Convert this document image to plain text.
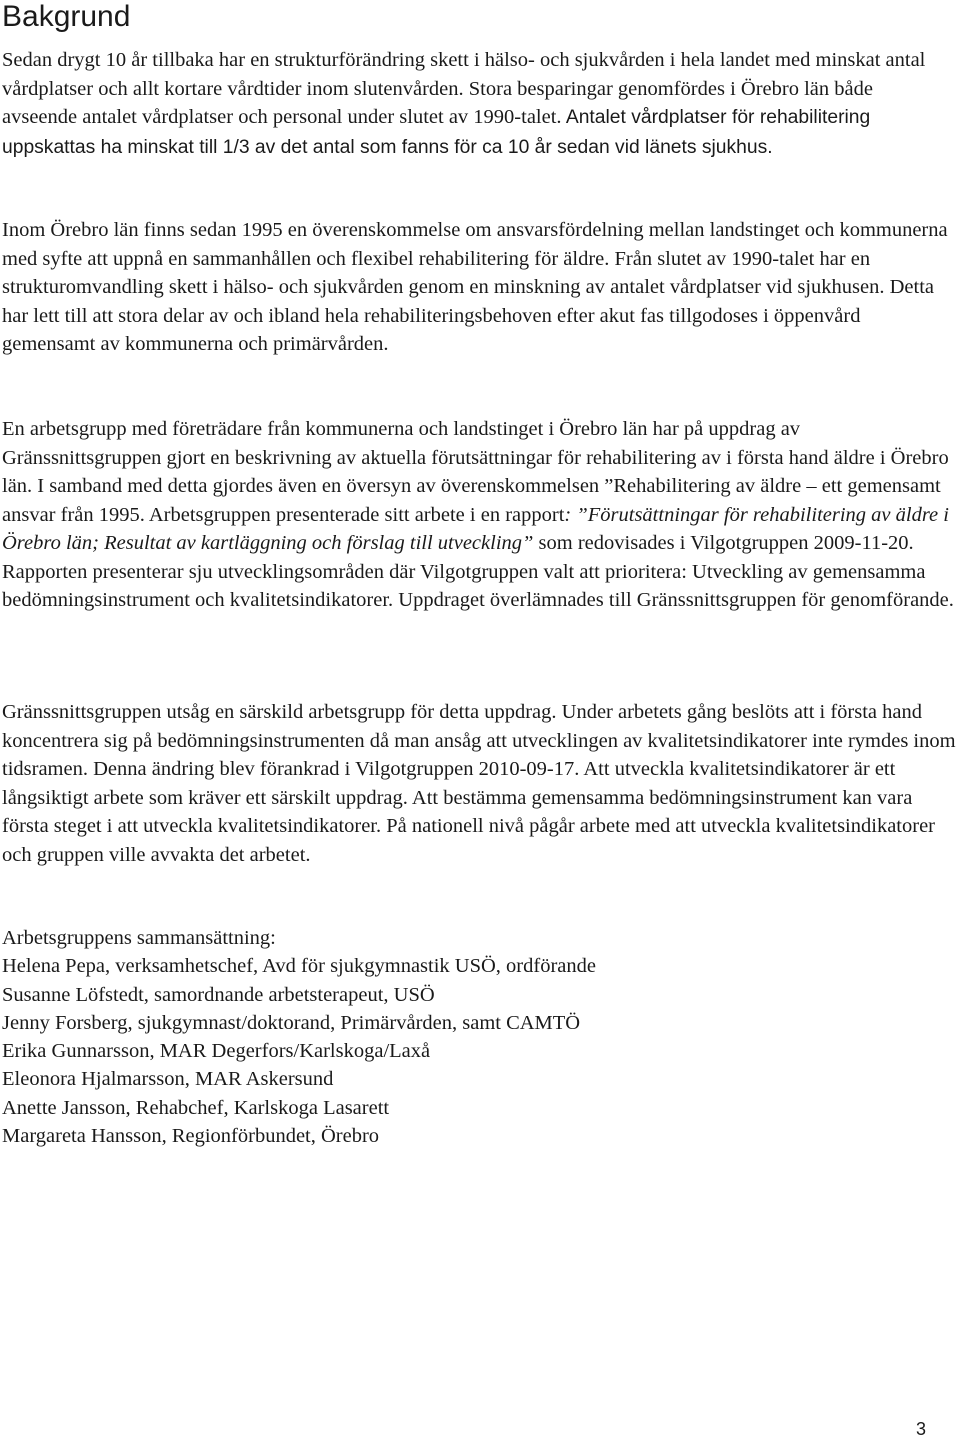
Bakgrund

Sedan drygt 10 år tillbaka har en strukturförändring skett i hälso- och sjukvården i hela landet med minskat antal vårdplatser och allt kortare vårdtider inom slutenvården. Stora besparingar genomfördes i Örebro län både avseende antalet vårdplatser och personal under slutet av 1990-talet. Antalet vårdplatser för rehabilitering uppskattas ha minskat till 1/3 av det antal som fanns för ca 10 år sedan vid länets sjukhus.

Inom Örebro län finns sedan 1995 en överenskommelse om ansvarsfördelning mellan landstinget och kommunerna med syfte att uppnå en sammanhållen och flexibel rehabilitering för äldre. Från slutet av 1990-talet har en strukturomvandling skett i hälso- och sjukvården genom en minskning av antalet vårdplatser vid sjukhusen. Detta har lett till att stora delar av och ibland hela rehabiliteringsbehoven efter akut fas tillgodoses i öppenvård gemensamt av kommunerna och primärvården.

En arbetsgrupp med företrädare från kommunerna och landstinget i Örebro län har på uppdrag av Gränssnittsgruppen gjort en beskrivning av aktuella förutsättningar för rehabilitering av i första hand äldre i Örebro län. I samband med detta gjordes även en översyn av överenskommelsen ”Rehabilitering av äldre – ett gemensamt ansvar från 1995. Arbetsgruppen presenterade sitt arbete i en rapport: ”Förutsättningar för rehabilitering av äldre i Örebro län; Resultat av kartläggning och förslag till utveckling” som redovisades i Vilgotgruppen 2009-11-20. Rapporten presenterar sju utvecklingsområden där Vilgotgruppen valt att prioritera: Utveckling av gemensamma bedömningsinstrument och kvalitetsindikatorer. Uppdraget överlämnades till Gränssnittsgruppen för genomförande.

Gränssnittsgruppen utsåg en särskild arbetsgrupp för detta uppdrag. Under arbetets gång beslöts att i första hand koncentrera sig på bedömningsinstrumenten då man ansåg att utvecklingen av kvalitetsindikatorer inte rymdes inom tidsramen. Denna ändring blev förankrad i Vilgotgruppen 2010-09-17. Att utveckla kvalitetsindikatorer är ett långsiktigt arbete som kräver ett särskilt uppdrag. Att bestämma gemensamma bedömningsinstrument kan vara första steget i att utveckla kvalitetsindikatorer. På nationell nivå pågår arbete med att utveckla kvalitetsindikatorer och gruppen ville avvakta det arbetet.

Arbetsgruppens sammansättning:
Helena Pepa, verksamhetschef, Avd för sjukgymnastik USÖ, ordförande
Susanne Löfstedt, samordnande arbetsterapeut, USÖ
Jenny Forsberg, sjukgymnast/doktorand, Primärvården, samt CAMTÖ
Erika Gunnarsson, MAR Degerfors/Karlskoga/Laxå
Eleonora Hjalmarsson, MAR Askersund
Anette Jansson, Rehabchef, Karlskoga Lasarett
Margareta Hansson, Regionförbundet, Örebro
3
